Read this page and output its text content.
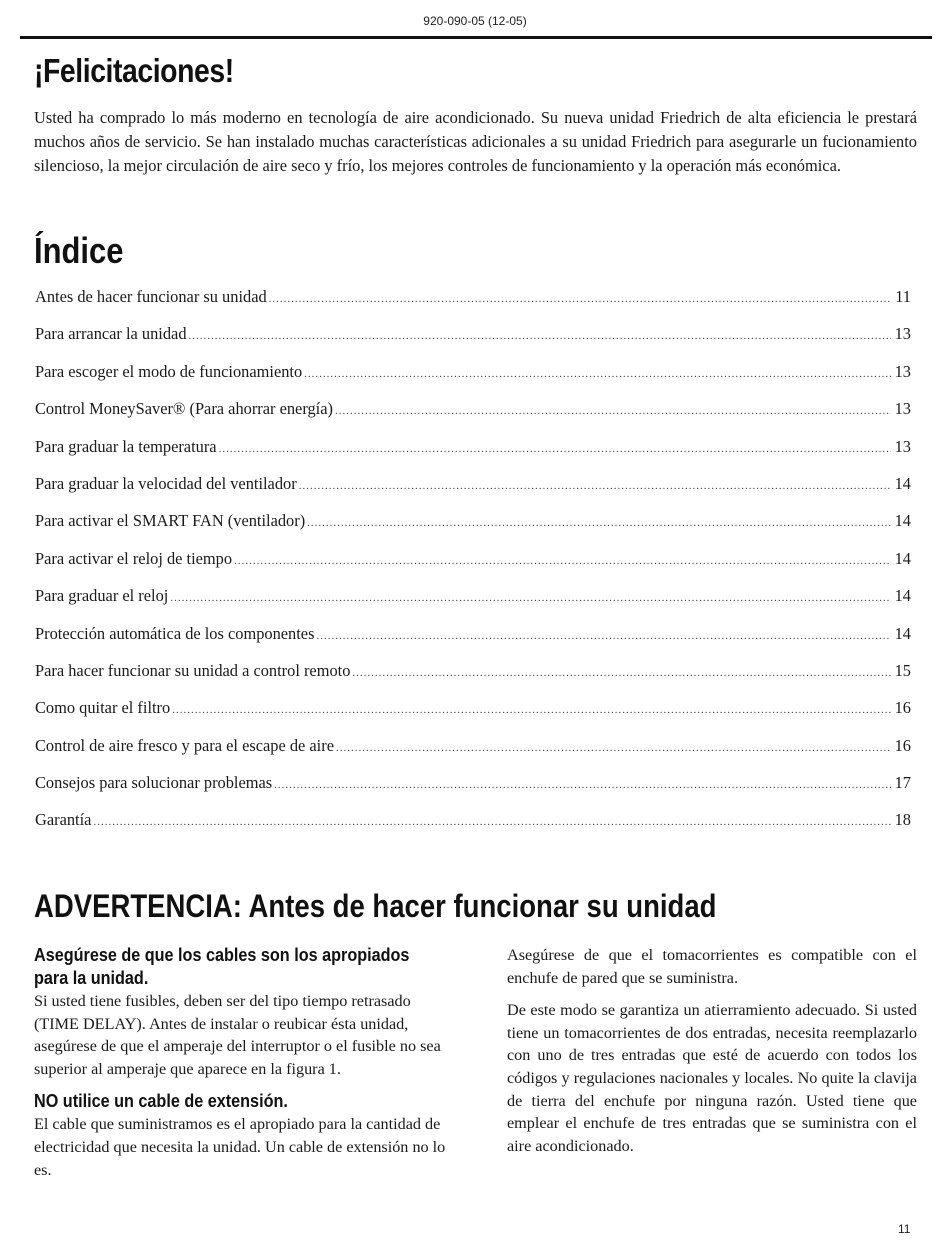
920-090-05 (12-05)
¡Felicitaciones!
Usted ha comprado lo más moderno en tecnología de aire acondicionado. Su nueva unidad Friedrich de alta eficiencia le prestará muchos años de servicio. Se han instalado muchas características adicionales a su unidad Friedrich para asegurarle un fucionamiento silencioso, la mejor circulación de aire seco y frío, los mejores controles de funcionamiento y la operación más económica.
Índice
Antes de hacer funcionar su unidad .....	11
Para arrancar la unidad .....	13
Para escoger el modo de funcionamiento .....	13
Control MoneySaver® (Para ahorrar energía) .....	13
Para graduar la temperatura .....	13
Para graduar la velocidad del ventilador .....	14
Para activar el SMART FAN (ventilador) .....	14
Para activar el reloj de tiempo .....	14
Para graduar el reloj .....	14
Protección automática de los componentes .....	14
Para hacer funcionar su unidad a control remoto .....	15
Como quitar el filtro .....	16
Control de aire fresco y para el escape de aire .....	16
Consejos para solucionar problemas .....	17
Garantía .....	18
ADVERTENCIA: Antes de hacer funcionar su unidad
Asegúrese de que los cables son los apropiados para la unidad.

Si usted tiene fusibles, deben ser del tipo tiempo retrasado (TIME DELAY). Antes de instalar o reubicar ésta unidad, asegúrese de que el amperaje del interruptor o el fusible no sea superior al amperaje que aparece en la figura 1.

NO utilice un cable de extensión.

El cable que suministramos es el apropiado para la cantidad de electricidad que necesita la unidad. Un cable de extensión no lo es.

Asegúrese de que el tomacorrientes es compatible con el enchufe de pared que se suministra.

De este modo se garantiza un atierramiento adecuado. Si usted tiene un tomacorrientes de dos entradas, necesita reemplazarlo con uno de tres entradas que esté de acuerdo con todos los códigos y regulaciones nacionales y locales. No quite la clavija de tierra del enchufe por ninguna razón. Usted tiene que emplear el enchufe de tres entradas que se suministra con el aire acondicionado.

11
